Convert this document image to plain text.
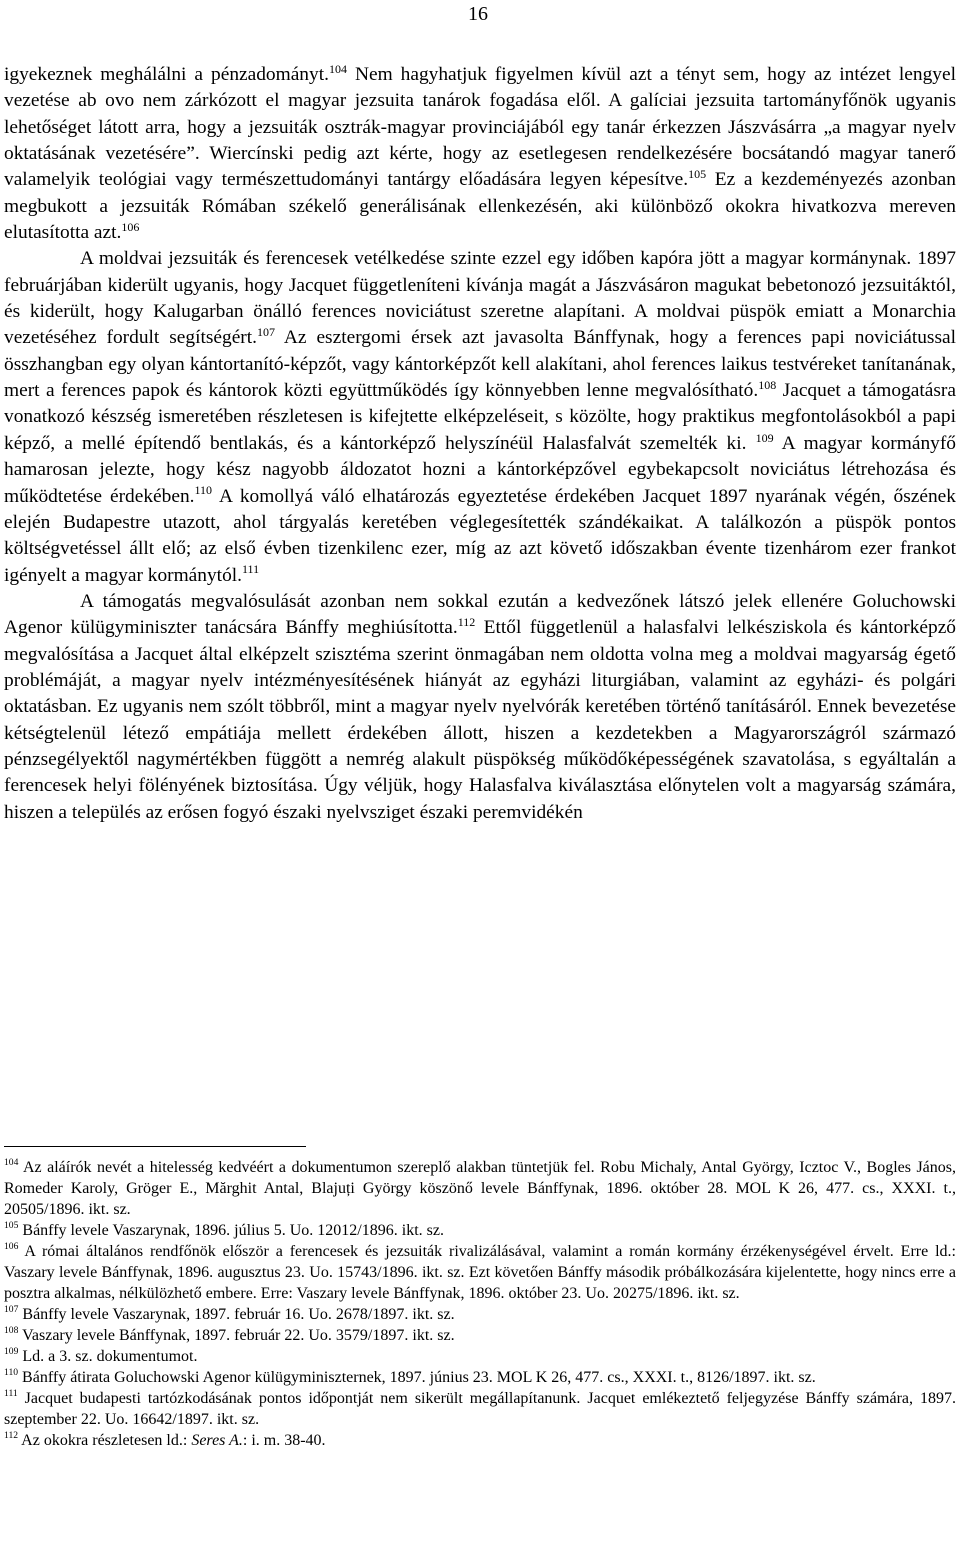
16

igyekeznek meghálálni a pénzadományt.$^{104}$ Nem hagyhatjuk figyelmen kívül azt a tényt sem, hogy az intézet lengyel vezetése ab ovo nem zárkózott el magyar jezsuita tanárok fogadása elől. A galíciai jezsuita tartományfőnök ugyanis lehetőséget látott arra, hogy a jezsuiták osztrák-magyar provinciájából egy tanár érkezzen Jászvásárra „a magyar nyelv oktatásának vezetésére”. Wiercínski pedig azt kérte, hogy az esetlegesen rendelkezésére bocsátandó magyar tanerő valamelyik teológiai vagy természettudományi tantárgy előadására legyen képesítve.$^{105}$ Ez a kezdeményezés azonban megbukott a jezsuiták Rómában székelő generálisának ellenkezésén, aki különböző okokra hivatkozva mereven elutasította azt.$^{106}$

A moldvai jezsuiták és ferencesek vetélkedése szinte ezzel egy időben kapóra jött a magyar kormánynak. 1897 februárjában kiderült ugyanis, hogy Jacquet függetleníteni kívánja magát a Jászvásáron magukat bebetonozó jezsuitáktól, és kiderült, hogy Kalugarban önálló ferences noviciátust szeretne alapítani. A moldvai püspök emiatt a Monarchia vezetéséhez fordult segítségért.$^{107}$ Az esztergomi érsek azt javasolta Bánffynak, hogy a ferences papi noviciátussal összhangban egy olyan kántortanító-képzőt, vagy kántorképzőt kell alakítani, ahol ferences laikus testvéreket tanítanának, mert a ferences papok és kántorok közti együttműködés így könnyebben lenne megvalósítható.$^{108}$ Jacquet a támogatásra vonatkozó készség ismeretében részletesen is kifejtette elképzeléseit, s közölte, hogy praktikus megfontolásokból a papi képző, a mellé építendő bentlakás, és a kántorképző helyszínéül Halasfalvát szemelték ki. $^{109}$ A magyar kormányfő hamarosan jelezte, hogy kész nagyobb áldozatot hozni a kántorképzővel egybekapcsolt noviciátus létrehozása és működtetése érdekében.$^{110}$ A komollyá váló elhatározás egyeztetése érdekében Jacquet 1897 nyarának végén, őszének elején Budapestre utazott, ahol tárgyalás keretében véglegesítették szándékaikat. A találkozón a püspök pontos költségvetéssel állt elő; az első évben tizenkilenc ezer, míg az azt követő időszakban évente tizenhárom ezer frankot igényelt a magyar kormánytól.$^{111}$

A támogatás megvalósulását azonban nem sokkal ezután a kedvezőnek látszó jelek ellenére Goluchowski Agenor külügyminiszter tanácsára Bánffy meghiúsította.$^{112}$ Ettől függetlenül a halasfalvi lelkésziskola és kántorképző megvalósítása a Jacquet által elképzelt szisztéma szerint önmagában nem oldotta volna meg a moldvai magyarság égető problémáját, a magyar nyelv intézményesítésének hiányát az egyházi liturgiában, valamint az egyházi- és polgári oktatásban. Ez ugyanis nem szólt többről, mint a magyar nyelv nyelvórák keretében történő tanításáról. Ennek bevezetése kétségtelenül létező empátiája mellett érdekében állott, hiszen a kezdetekben a Magyarországról származó pénzsegélyektől nagymértékben függött a nemrég alakult püspökség működőképességének szavatolása, s egyáltalán a ferencesek helyi fölényének biztosítása. Úgy véljük, hogy Halasfalva kiválasztása előnytelen volt a magyarság számára, hiszen a település az erősen fogyó északi nyelvsziget északi peremvidékén

$^{104}$ Az aláírók nevét a hitelesség kedvéért a dokumentumon szereplő alakban tüntetjük fel. Robu Michaly, Antal György, Icztoc V., Bogles János, Romeder Karoly, Gröger E., Mărghit Antal, Blajuți György köszönő levele Bánffynak, 1896. október 28. MOL K 26, 477. cs., XXXI. t., 20505/1896. ikt. sz.

$^{105}$ Bánffy levele Vaszarynak, 1896. július 5. Uo. 12012/1896. ikt. sz.

$^{106}$ A római általános rendfőnök először a ferencesek és jezsuiták rivalizálásával, valamint a román kormány érzékenységével érvelt. Erre ld.: Vaszary levele Bánffynak, 1896. augusztus 23. Uo. 15743/1896. ikt. sz. Ezt követően Bánffy második próbálkozására kijelentette, hogy nincs erre a posztra alkalmas, nélkülözhető embere. Erre: Vaszary levele Bánffynak, 1896. október 23. Uo. 20275/1896. ikt. sz.

$^{107}$ Bánffy levele Vaszarynak, 1897. február 16. Uo. 2678/1897. ikt. sz.

$^{108}$ Vaszary levele Bánffynak, 1897. február 22. Uo. 3579/1897. ikt. sz.

$^{109}$ Ld. a 3. sz. dokumentumot.

$^{110}$ Bánffy átirata Goluchowski Agenor külügyminiszternek, 1897. június 23. MOL K 26, 477. cs., XXXI. t., 8126/1897. ikt. sz.

$^{111}$ Jacquet budapesti tartózkodásának pontos időpontját nem sikerült megállapítanunk. Jacquet emlékeztető feljegyzése Bánffy számára, 1897. szeptember 22. Uo. 16642/1897. ikt. sz.

$^{112}$ Az okokra részletesen ld.: Seres A.: i. m. 38-40.
